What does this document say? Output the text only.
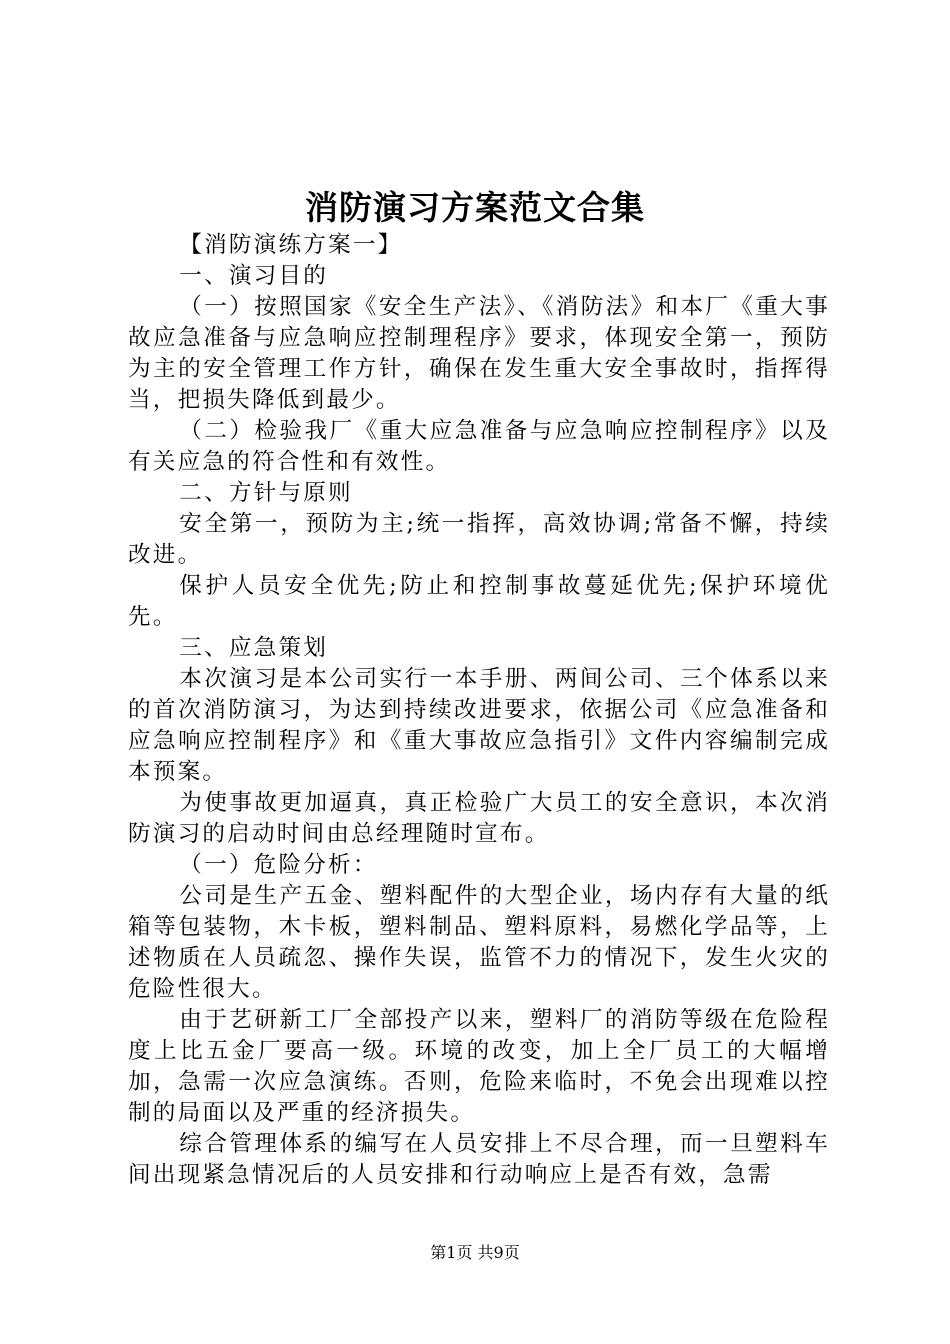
消防演习方案范文合集

【消防演练方案一】

一、演习目的

（一）按照国家《安全生产法》、《消防法》和本厂《重大事故应急准备与应急响应控制理程序》要求，体现安全第一，预防为主的安全管理工作方针，确保在发生重大安全事故时，指挥得当，把损失降低到最少。

（二）检验我厂《重大应急准备与应急响应控制程序》以及有关应急的符合性和有效性。

二、方针与原则

安全第一，预防为主;统一指挥，高效协调;常备不懈，持续改进。

保护人员安全优先;防止和控制事故蔓延优先;保护环境优先。

三、应急策划

本次演习是本公司实行一本手册、两间公司、三个体系以来的首次消防演习，为达到持续改进要求，依据公司《应急准备和应急响应控制程序》和《重大事故应急指引》文件内容编制完成本预案。

为使事故更加逼真，真正检验广大员工的安全意识，本次消防演习的启动时间由总经理随时宣布。

（一）危险分析：

公司是生产五金、塑料配件的大型企业，场内存有大量的纸箱等包装物，木卡板，塑料制品、塑料原料，易燃化学品等，上述物质在人员疏忽、操作失误，监管不力的情况下，发生火灾的危险性很大。

由于艺研新工厂全部投产以来，塑料厂的消防等级在危险程度上比五金厂要高一级。环境的改变，加上全厂员工的大幅增加，急需一次应急演练。否则，危险来临时，不免会出现难以控制的局面以及严重的经济损失。

综合管理体系的编写在人员安排上不尽合理，而一旦塑料车间出现紧急情况后的人员安排和行动响应上是否有效，急需

第1页 共9页
